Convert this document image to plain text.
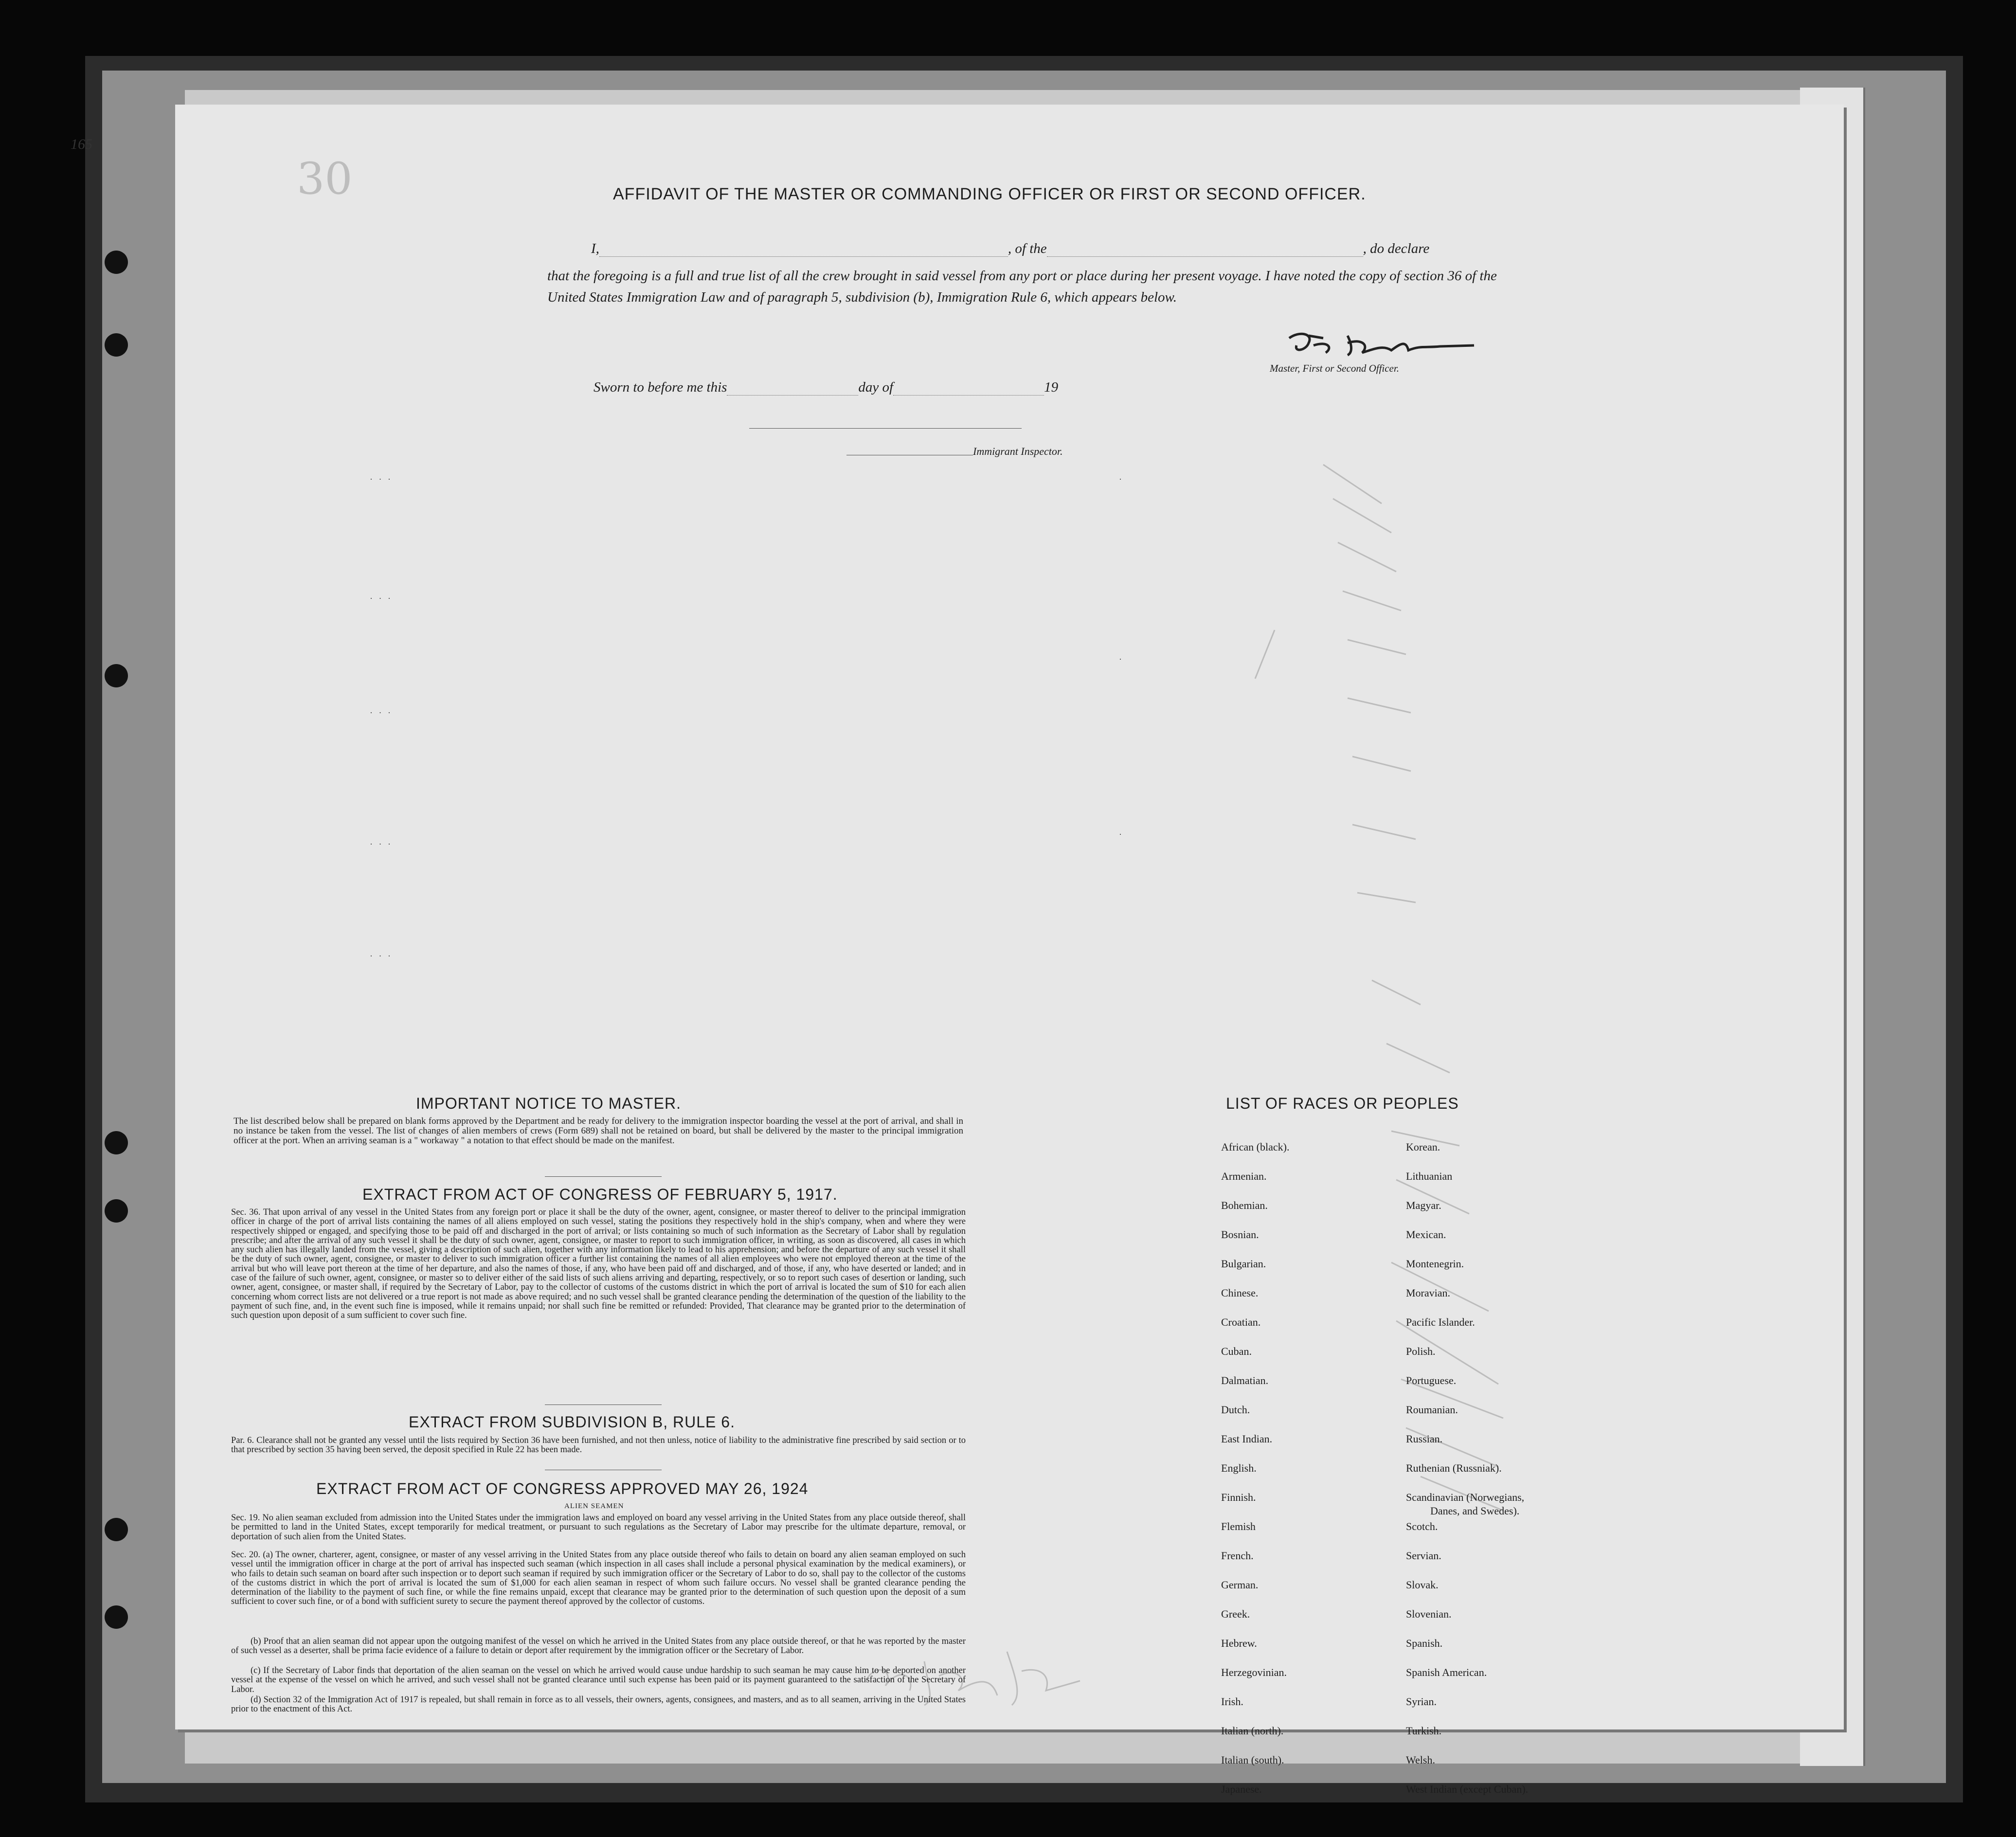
30	AFFIDAVIT OF THE MASTER OR COMMANDING OFFICER OR FIRST OR SECOND OFFICER.
I,	, of the	, do declare
that the foregoing is a full and true list of all the crew brought in said vessel from any port or place during her present voyage. I have noted the copy of section 36 of the United States Immigration Law and of paragraph 5, subdivision (b), Immigration Rule 6, which appears below.
Master, First or Second Officer.
Sworn to before me this	day of	19
Immigrant Inspector.
· · ·
· · ·
· · ·
· · ·
· · ·
·
·
·
IMPORTANT NOTICE TO MASTER.
The list described below shall be prepared on blank forms approved by the Department and be ready for delivery to the immigration inspector boarding the vessel at the port of arrival, and shall in no instance be taken from the vessel. The list of changes of alien members of crews (Form 689) shall not be retained on board, but shall be delivered by the master to the principal immigration officer at the port. When an arriving seaman is a " workaway " a notation to that effect should be made on the manifest.
EXTRACT FROM ACT OF CONGRESS OF FEBRUARY 5, 1917.
Sec. 36. That upon arrival of any vessel in the United States from any foreign port or place it shall be the duty of the owner, agent, consignee, or master thereof to deliver to the principal immigration officer in charge of the port of arrival lists containing the names of all aliens employed on such vessel, stating the positions they respectively hold in the ship's company, when and where they were respectively shipped or engaged, and specifying those to be paid off and discharged in the port of arrival; or lists containing so much of such information as the Secretary of Labor shall by regulation prescribe; and after the arrival of any such vessel it shall be the duty of such owner, agent, consignee, or master to report to such immigration officer, in writing, as soon as discovered, all cases in which any such alien has illegally landed from the vessel, giving a description of such alien, together with any information likely to lead to his apprehension; and before the departure of any such vessel it shall be the duty of such owner, agent, consignee, or master to deliver to such immigration officer a further list containing the names of all alien employees who were not employed thereon at the time of the arrival but who will leave port thereon at the time of her departure, and also the names of those, if any, who have been paid off and discharged, and of those, if any, who have deserted or landed; and in case of the failure of such owner, agent, consignee, or master so to deliver either of the said lists of such aliens arriving and departing, respectively, or so to report such cases of desertion or landing, such owner, agent, consignee, or master shall, if required by the Secretary of Labor, pay to the collector of customs of the customs district in which the port of arrival is located the sum of $10 for each alien concerning whom correct lists are not delivered or a true report is not made as above required; and no such vessel shall be granted clearance pending the determination of the question of the liability to the payment of such fine, and, in the event such fine is imposed, while it remains unpaid; nor shall such fine be remitted or refunded: Provided, That clearance may be granted prior to the determination of such question upon deposit of a sum sufficient to cover such fine.
EXTRACT FROM SUBDIVISION B, RULE 6.
Par. 6. Clearance shall not be granted any vessel until the lists required by Section 36 have been furnished, and not then unless, notice of liability to the administrative fine prescribed by said section or to that prescribed by section 35 having been served, the deposit specified in Rule 22 has been made.
EXTRACT FROM ACT OF CONGRESS APPROVED MAY 26, 1924
ALIEN SEAMEN
Sec. 19. No alien seaman excluded from admission into the United States under the immigration laws and employed on board any vessel arriving in the United States from any place outside thereof, shall be permitted to land in the United States, except temporarily for medical treatment, or pursuant to such regulations as the Secretary of Labor may prescribe for the ultimate departure, removal, or deportation of such alien from the United States.
Sec. 20. (a) The owner, charterer, agent, consignee, or master of any vessel arriving in the United States from any place outside thereof who fails to detain on board any alien seaman employed on such vessel until the immigration officer in charge at the port of arrival has inspected such seaman (which inspection in all cases shall include a personal physical examination by the medical examiners), or who fails to detain such seaman on board after such inspection or to deport such seaman if required by such immigration officer or the Secretary of Labor to do so, shall pay to the collector of the customs of the customs district in which the port of arrival is located the sum of $1,000 for each alien seaman in respect of whom such failure occurs. No vessel shall be granted clearance pending the determination of the liability to the payment of such fine, or while the fine remains unpaid, except that clearance may be granted prior to the determination of such question upon the deposit of a sum sufficient to cover such fine, or of a bond with sufficient surety to secure the payment thereof approved by the collector of customs.
(b) Proof that an alien seaman did not appear upon the outgoing manifest of the vessel on which he arrived in the United States from any place outside thereof, or that he was reported by the master of such vessel as a deserter, shall be prima facie evidence of a failure to detain or deport after requirement by the immigration officer or the Secretary of Labor.
(c) If the Secretary of Labor finds that deportation of the alien seaman on the vessel on which he arrived would cause undue hardship to such seaman he may cause him to be deported on another vessel at the expense of the vessel on which he arrived, and such vessel shall not be granted clearance until such expense has been paid or its payment guaranteed to the satisfaction of the Secretary of Labor.
(d) Section 32 of the Immigration Act of 1917 is repealed, but shall remain in force as to all vessels, their owners, agents, consignees, and masters, and as to all seamen, arriving in the United States prior to the enactment of this Act.
LIST OF RACES OR PEOPLES
African (black).
Armenian.
Bohemian.
Bosnian.
Bulgarian.
Chinese.
Croatian.
Cuban.
Dalmatian.
Dutch.
East Indian.
English.
Finnish.
Flemish
French.
German.
Greek.
Hebrew.
Herzegovinian.
Irish.
Italian (north).
Italian (south).
Japanese.
Korean.
Lithuanian
Magyar.
Mexican.
Montenegrin.
Moravian.
Pacific Islander.
Polish.
Portuguese.
Roumanian.
Russian.
Ruthenian (Russniak).
Scandinavian (Norwegians,
Danes, and Swedes).
Scotch.
Servian.
Slovak.
Slovenian.
Spanish.
Spanish American.
Syrian.
Turkish.
Welsh.
West Indian (except Cuban).
165
